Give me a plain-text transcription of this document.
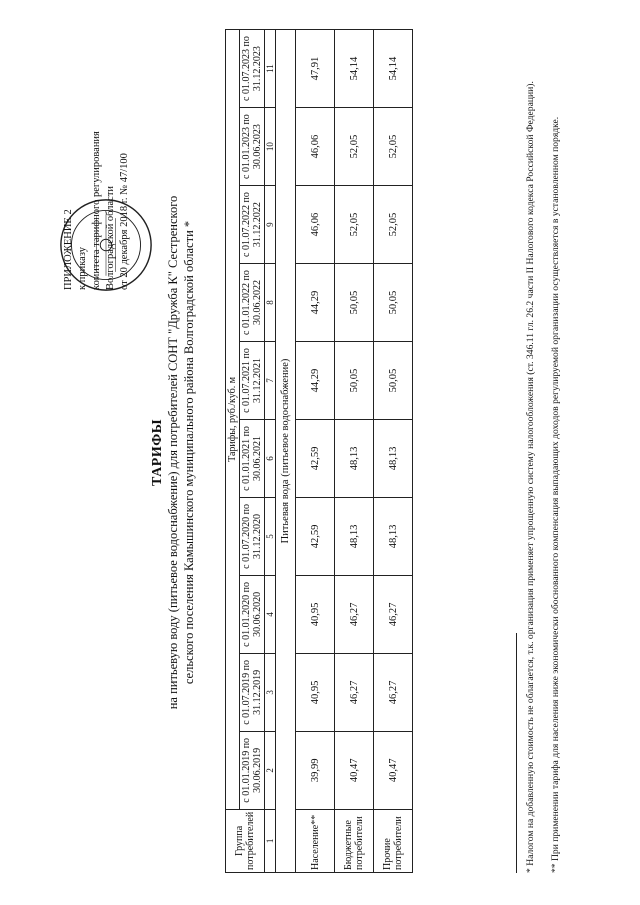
ПРИЛОЖЕНИЕ 2 к приказу комитета тарифного регулирования Волгоградской области от 20 декабря 2018 г. № 47/100
ТАРИФЫ на питьевую воду (питьевое водоснабжение) для потребителей СОНТ "Дружба К" Сестренского сельского поселения Камышинского муниципального района Волгоградской области *
Группа потребителей	Тарифы, руб./куб. м									
	с 01.01.2019 по 30.06.2019	с 01.07.2019 по 31.12.2019	с 01.01.2020 по 30.06.2020	с 01.07.2020 по 31.12.2020	с 01.01.2021 по 30.06.2021	с 01.07.2021 по 31.12.2021	с 01.01.2022 по 30.06.2022	с 01.07.2022 по 31.12.2022	с 01.01.2023 по 30.06.2023	с 01.07.2023 по 31.12.2023
1	2	3	4	5	6	7	8	9	10	11
Питьевая вода (питьевое водоснабжение)										
Население**	39,99	40,95	40,95	42,59	42,59	44,29	44,29	46,06	46,06	47,91
Бюджетные потребители	40,47	46,27	46,27	48,13	48,13	50,05	50,05	52,05	52,05	54,14
Прочие потребители	40,47	46,27	46,27	48,13	48,13	50,05	50,05	52,05	52,05	54,14
* Налогом на добавленную стоимость не облагается, т.к. организация применяет упрощенную систему налогообложения (ст. 346.11 гл. 26.2 части II Налогового кодекса Российской Федерации). ** При применении тарифа для населения ниже экономически обоснованного компенсация выпадающих доходов регулируемой организации осуществляется в установленном порядке.
